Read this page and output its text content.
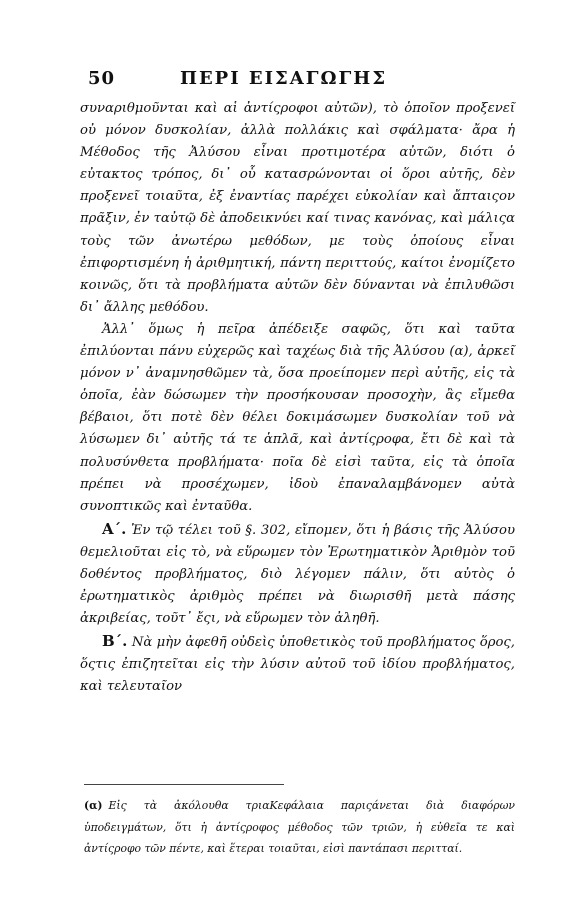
50	ΠΕΡΙ ΕΙΣΑΓΩΓΗΣ

συναριθμοῦνται καὶ αἱ ἀντίςροφοι αὐτῶν), τὸ ὁποῖον προξενεῖ οὐ μόνον δυσκολίαν, ἀλλὰ πολλάκις καὶ σφάλματα· ἄρα ἡ Μέθοδος τῆς Ἀλύσου εἶναι προτιμοτέρα αὐτῶν, διότι ὁ εὐτακτος τρόπος, δι᾽ οὗ κατασρώνονται οἱ ὅροι αὐτῆς, δὲν προξενεῖ τοιαῦτα, ἐξ ἐναντίας παρέχει εὐκολίαν καὶ ἄπταιςον πρᾶξιν, ἐν ταὐτῷ δὲ ἀποδεικνύει καί τινας κανόνας, καὶ μάλιςα τοὺς τῶν ἀνωτέρω μεθόδων, με τοὺς ὁποίους εἶναι ἐπιφορτισμένη ἡ ἀριθμητική, πάντη περιττούς, καίτοι ἐνομίζετο κοινῶς, ὅτι τὰ προβλήματα αὐτῶν δὲν δύνανται νὰ ἐπιλυθῶσι δι᾽ ἄλλης μεθόδου.

Ἀλλ᾽ ὅμως ἡ πεῖρα ἀπέδειξε σαφῶς, ὅτι καὶ ταῦτα ἐπιλύονται πάνυ εὐχερῶς καὶ ταχέως διὰ τῆς Ἀλύσου (α), ἀρκεῖ μόνον ν᾽ ἀναμνησθῶμεν τὰ, ὅσα προείπομεν περὶ αὐτῆς, εἰς τὰ ὁποῖα, ἐὰν δώσωμεν τὴν προσήκουσαν προσοχὴν, ἂς εἴμεθα βέβαιοι, ὅτι ποτὲ δὲν θέλει δοκιμάσωμεν δυσκολίαν τοῦ νὰ λύσωμεν δι᾽ αὐτῆς τά τε ἁπλᾶ, καὶ ἀντίςροφα, ἔτι δὲ καὶ τὰ πολυσύνθετα προβλήματα· ποῖα δὲ εἰσὶ ταῦτα, εἰς τὰ ὁποῖα πρέπει νὰ προσέχωμεν, ἰδοὺ ἐπαναλαμβάνομεν αὐτὰ συνοπτικῶς καὶ ἐνταῦθα.

Α΄. Ἐν τῷ τέλει τοῦ §. 302, εἴπομεν, ὅτι ἡ βάσις τῆς Ἀλύσου θεμελιοῦται εἰς τὸ, νὰ εὕρωμεν τὸν Ἐρωτηματικὸν Ἀριθμὸν τοῦ δοθέντος προβλήματος, διὸ λέγομεν πάλιν, ὅτι αὐτὸς ὁ ἐρωτηματικὸς ἀριθμὸς πρέπει νὰ διωρισθῆ μετὰ πάσης ἀκριβείας, τοῦτ᾽ ἔςι, νὰ εὕρωμεν τὸν ἀληθῆ.

Β΄. Νὰ μὴν ἀφεθῆ οὐδεὶς ὑποθετικὸς τοῦ προβλήματος ὅρος, ὅςτις ἐπιζητεῖται εἰς τὴν λύσιν αὐτοῦ τοῦ ἰδίου προβλήματος, καὶ τελευταῖον

(α) Εἰς τὰ ἀκόλουθα τριαΚεφάλαια παριςάνεται διὰ διαφόρων ὑποδειγμάτων, ὅτι ἡ ἀντίςροφος μέθοδος τῶν τριῶν, ἡ εὐθεῖα τε καὶ ἀντίςροφο τῶν πέντε, καὶ ἕτεραι τοιαῦται, εἰσὶ παντάπασι περιτταί.
